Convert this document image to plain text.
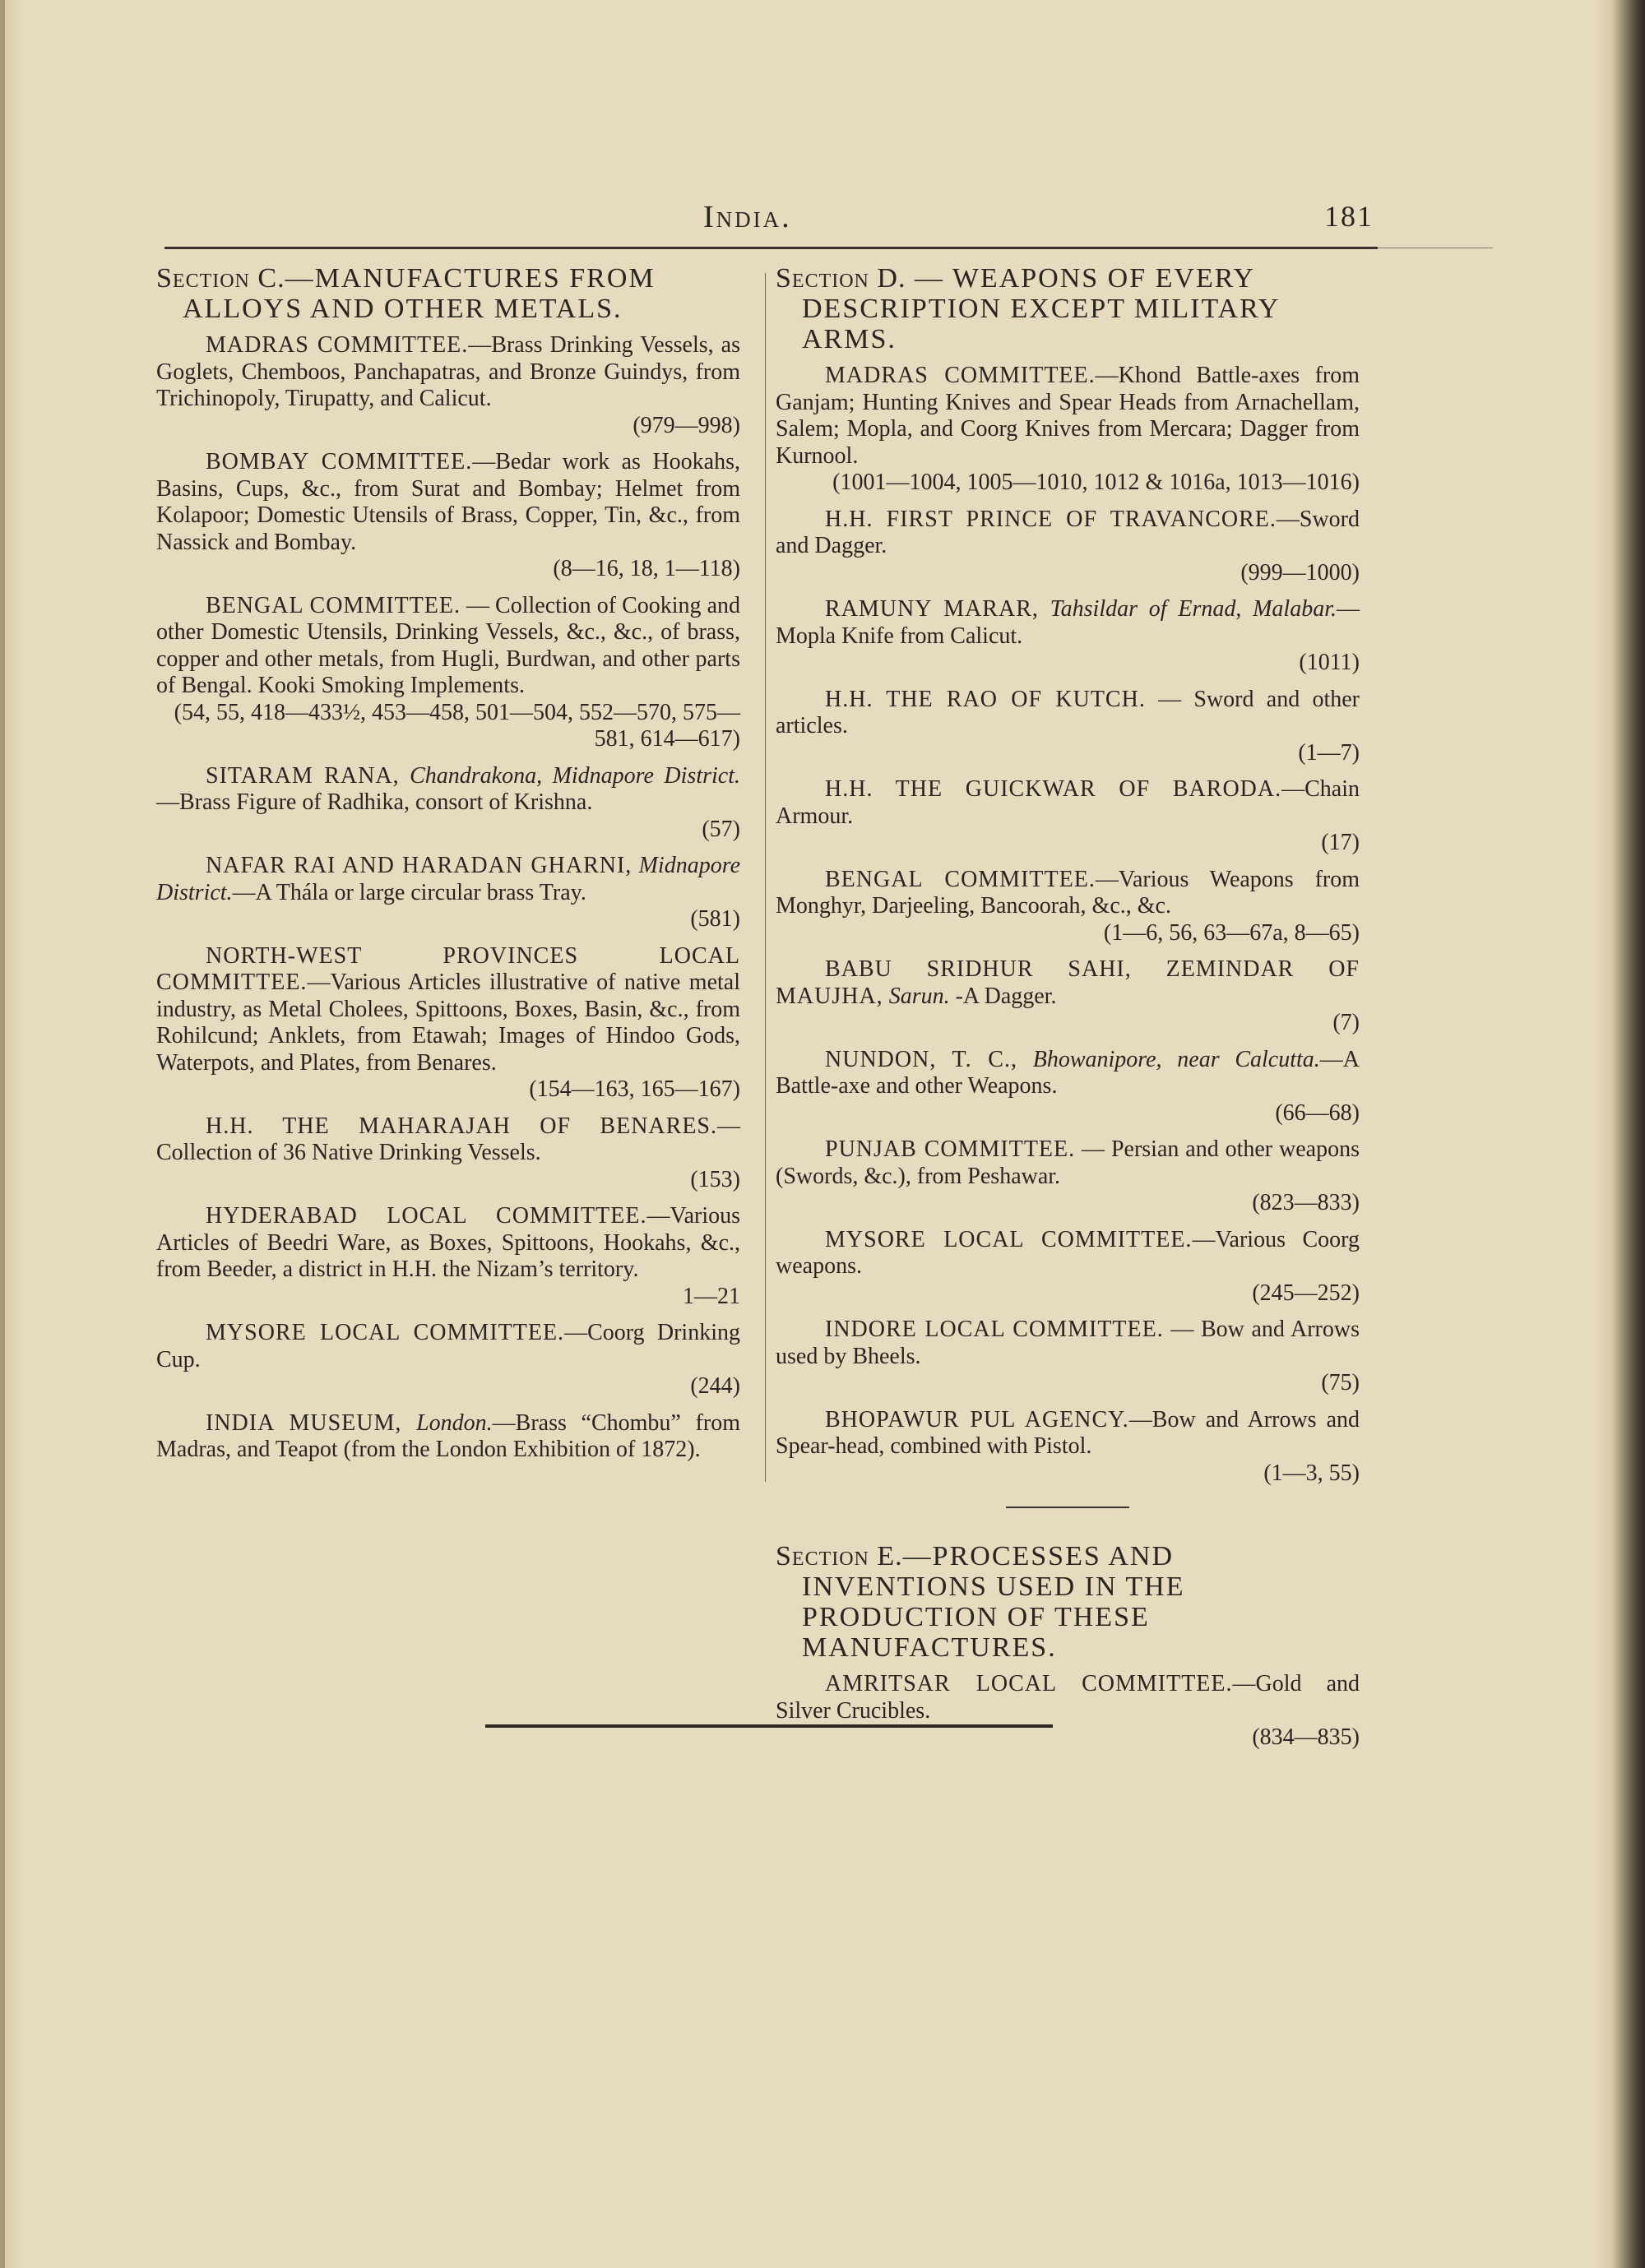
India.	181
Section C.—MANUFACTURES FROM ALLOYS AND OTHER METALS.

MADRAS COMMITTEE.—Brass Drinking Vessels, as Goglets, Chemboos, Panchapatras, and Bronze Guindys, from Trichinopoly, Tirupatty, and Calicut.
(979—998)

BOMBAY COMMITTEE.—Bedar work as Hookahs, Basins, Cups, &c., from Surat and Bombay; Helmet from Kolapoor; Domestic Utensils of Brass, Copper, Tin, &c., from Nassick and Bombay.
(8—16, 18, 1—118)

BENGAL COMMITTEE. — Collection of Cooking and other Domestic Utensils, Drinking Vessels, &c., &c., of brass, copper and other metals, from Hugli, Burdwan, and other parts of Bengal. Kooki Smoking Implements.
(54, 55, 418—433½, 453—458, 501—504, 552—570, 575—581, 614—617)

SITARAM RANA, Chandrakona, Midnapore District.—Brass Figure of Radhika, consort of Krishna.
(57)

NAFAR RAI AND HARADAN GHARNI, Midnapore District.—A Thála or large circular brass Tray.
(581)

NORTH-WEST PROVINCES LOCAL COMMITTEE.—Various Articles illustrative of native metal industry, as Metal Cholees, Spittoons, Boxes, Basin, &c., from Rohilcund; Anklets, from Etawah; Images of Hindoo Gods, Waterpots, and Plates, from Benares.
(154—163, 165—167)

H.H. THE MAHARAJAH OF BENARES.—Collection of 36 Native Drinking Vessels.
(153)

HYDERABAD LOCAL COMMITTEE.—Various Articles of Beedri Ware, as Boxes, Spittoons, Hookahs, &c., from Beeder, a district in H.H. the Nizam’s territory.
1—21

MYSORE LOCAL COMMITTEE.—Coorg Drinking Cup.
(244)

INDIA MUSEUM, London.—Brass “Chombu” from Madras, and Teapot (from the London Exhibition of 1872).

Section D. — WEAPONS OF EVERY DESCRIPTION EXCEPT MILITARY ARMS.

MADRAS COMMITTEE.—Khond Battle-axes from Ganjam; Hunting Knives and Spear Heads from Arnachellam, Salem; Mopla, and Coorg Knives from Mercara; Dagger from Kurnool.
(1001—1004, 1005—1010, 1012 & 1016a, 1013—1016)

H.H. FIRST PRINCE OF TRAVANCORE.—Sword and Dagger.
(999—1000)

RAMUNY MARAR, Tahsildar of Ernad, Malabar.—Mopla Knife from Calicut.
(1011)

H.H. THE RAO OF KUTCH. — Sword and other articles.
(1—7)

H.H. THE GUICKWAR OF BARODA.—Chain Armour.
(17)

BENGAL COMMITTEE.—Various Weapons from Monghyr, Darjeeling, Bancoorah, &c., &c.
(1—6, 56, 63—67a, 8—65)

BABU SRIDHUR SAHI, ZEMINDAR OF MAUJHA, Sarun. -A Dagger.
(7)

NUNDON, T. C., Bhowanipore, near Calcutta.—A Battle-axe and other Weapons.
(66—68)

PUNJAB COMMITTEE. — Persian and other weapons (Swords, &c.), from Peshawar.
(823—833)

MYSORE LOCAL COMMITTEE.—Various Coorg weapons.
(245—252)

INDORE LOCAL COMMITTEE. — Bow and Arrows used by Bheels.
(75)

BHOPAWUR PUL AGENCY.—Bow and Arrows and Spear-head, combined with Pistol.
(1—3, 55)

Section E.—PROCESSES AND INVENTIONS USED IN THE PRODUCTION OF THESE MANUFACTURES.

AMRITSAR LOCAL COMMITTEE.—Gold and Silver Crucibles.
(834—835)
